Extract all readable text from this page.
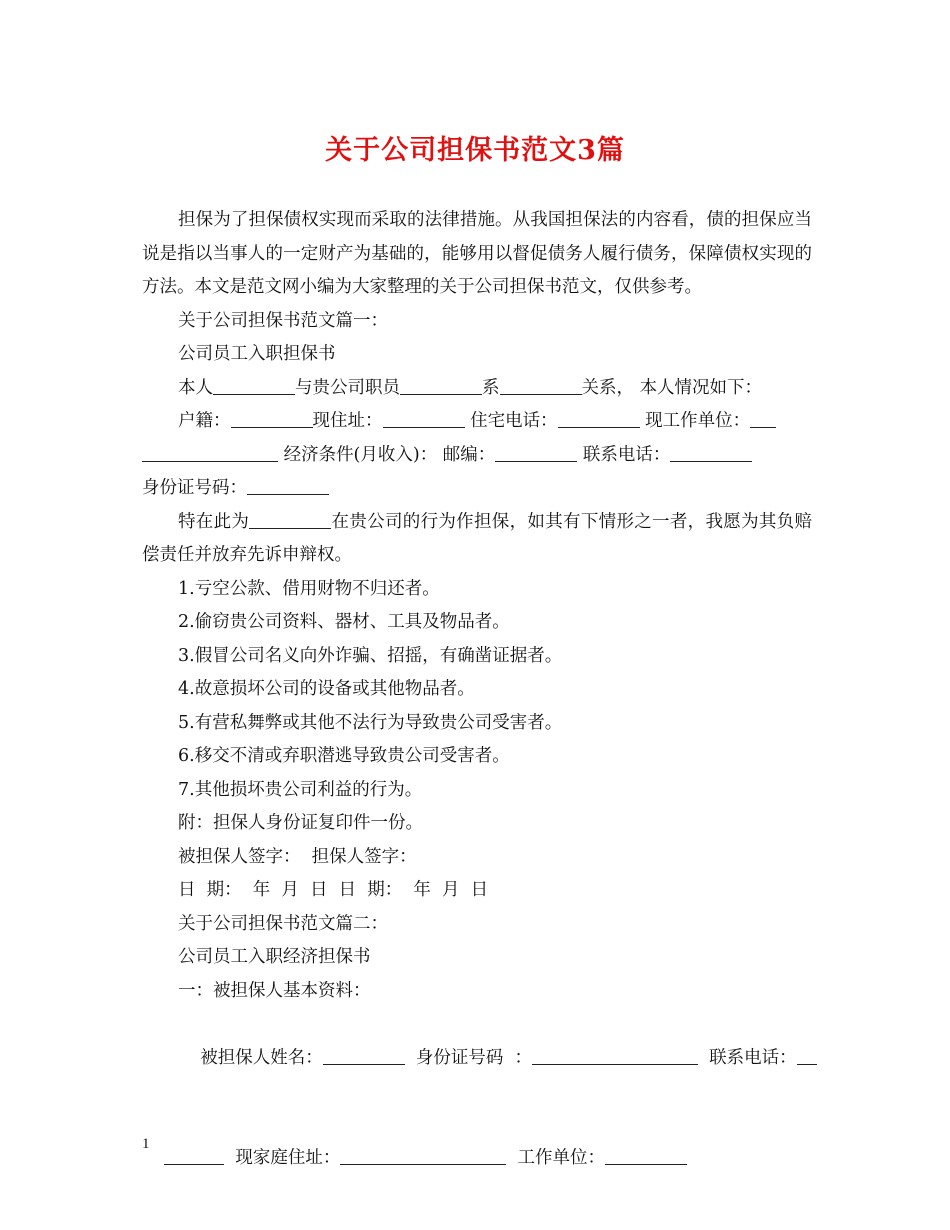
关于公司担保书范文3篇

担保为了担保债权实现而采取的法律措施。从我国担保法的内容看，债的担保应当说是指以当事人的一定财产为基础的，能够用以督促债务人履行债务，保障债权实现的方法。本文是范文网小编为大家整理的关于公司担保书范文，仅供参考。

关于公司担保书范文篇一：

公司员工入职担保书

本人	与贵公司职员	系	关系， 本人情况如下：

户籍：	现住址：	住宅电话：	现工作单位：

经济条件(月收入)： 邮编：	联系电话：

身份证号码：

特在此为	在贵公司的行为作担保，如其有下情形之一者，我愿为其负赔偿责任并放弃先诉申辩权。

1.亏空公款、借用财物不归还者。

2.偷窃贵公司资料、器材、工具及物品者。

3.假冒公司名义向外诈骗、招摇，有确凿证据者。

4.故意损坏公司的设备或其他物品者。

5.有营私舞弊或其他不法行为导致贵公司受害者。

6.移交不清或弃职潜逃导致贵公司受害者。

7.其他损坏贵公司利益的行为。

附：担保人身份证复印件一份。

被担保人签字：  担保人签字：

日  期：  年  月  日  日  期：  年  月  日

关于公司担保书范文篇二：

公司员工入职经济担保书

一：被担保人基本资料：

被担保人姓名：	身份证号码  ：	联系电话：

现家庭住址：	工作单位：

1
